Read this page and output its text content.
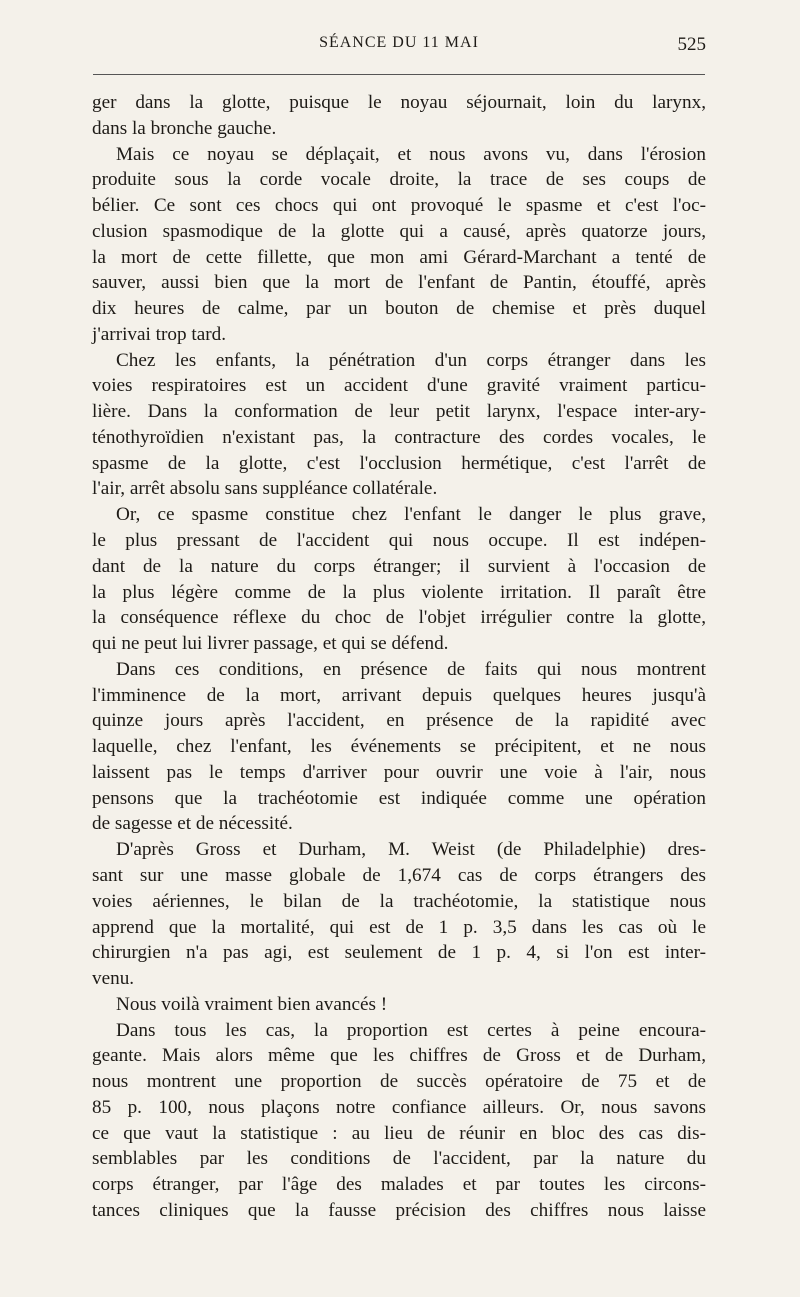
SÉANCE DU 11 MAI	525
ger dans la glotte, puisque le noyau séjournait, loin du larynx,
dans la bronche gauche.
Mais ce noyau se déplaçait, et nous avons vu, dans l'érosion
produite sous la corde vocale droite, la trace de ses coups de
bélier. Ce sont ces chocs qui ont provoqué le spasme et c'est l'oc-
clusion spasmodique de la glotte qui a causé, après quatorze jours,
la mort de cette fillette, que mon ami Gérard-Marchant a tenté de
sauver, aussi bien que la mort de l'enfant de Pantin, étouffé, après
dix heures de calme, par un bouton de chemise et près duquel
j'arrivai trop tard.
Chez les enfants, la pénétration d'un corps étranger dans les
voies respiratoires est un accident d'une gravité vraiment particu-
lière. Dans la conformation de leur petit larynx, l'espace inter-ary-
ténothyroïdien n'existant pas, la contracture des cordes vocales, le
spasme de la glotte, c'est l'occlusion hermétique, c'est l'arrêt de
l'air, arrêt absolu sans suppléance collatérale.
Or, ce spasme constitue chez l'enfant le danger le plus grave,
le plus pressant de l'accident qui nous occupe. Il est indépen-
dant de la nature du corps étranger; il survient à l'occasion de
la plus légère comme de la plus violente irritation. Il paraît être
la conséquence réflexe du choc de l'objet irrégulier contre la glotte,
qui ne peut lui livrer passage, et qui se défend.
Dans ces conditions, en présence de faits qui nous montrent
l'imminence de la mort, arrivant depuis quelques heures jusqu'à
quinze jours après l'accident, en présence de la rapidité avec
laquelle, chez l'enfant, les événements se précipitent, et ne nous
laissent pas le temps d'arriver pour ouvrir une voie à l'air, nous
pensons que la trachéotomie est indiquée comme une opération
de sagesse et de nécessité.
D'après Gross et Durham, M. Weist (de Philadelphie) dres-
sant sur une masse globale de 1,674 cas de corps étrangers des
voies aériennes, le bilan de la trachéotomie, la statistique nous
apprend que la mortalité, qui est de 1 p. 3,5 dans les cas où le
chirurgien n'a pas agi, est seulement de 1 p. 4, si l'on est inter-
venu.
Nous voilà vraiment bien avancés !
Dans tous les cas, la proportion est certes à peine encoura-
geante. Mais alors même que les chiffres de Gross et de Durham,
nous montrent une proportion de succès opératoire de 75 et de
85 p. 100, nous plaçons notre confiance ailleurs. Or, nous savons
ce que vaut la statistique : au lieu de réunir en bloc des cas dis-
semblables par les conditions de l'accident, par la nature du
corps étranger, par l'âge des malades et par toutes les circons-
tances cliniques que la fausse précision des chiffres nous laisse
